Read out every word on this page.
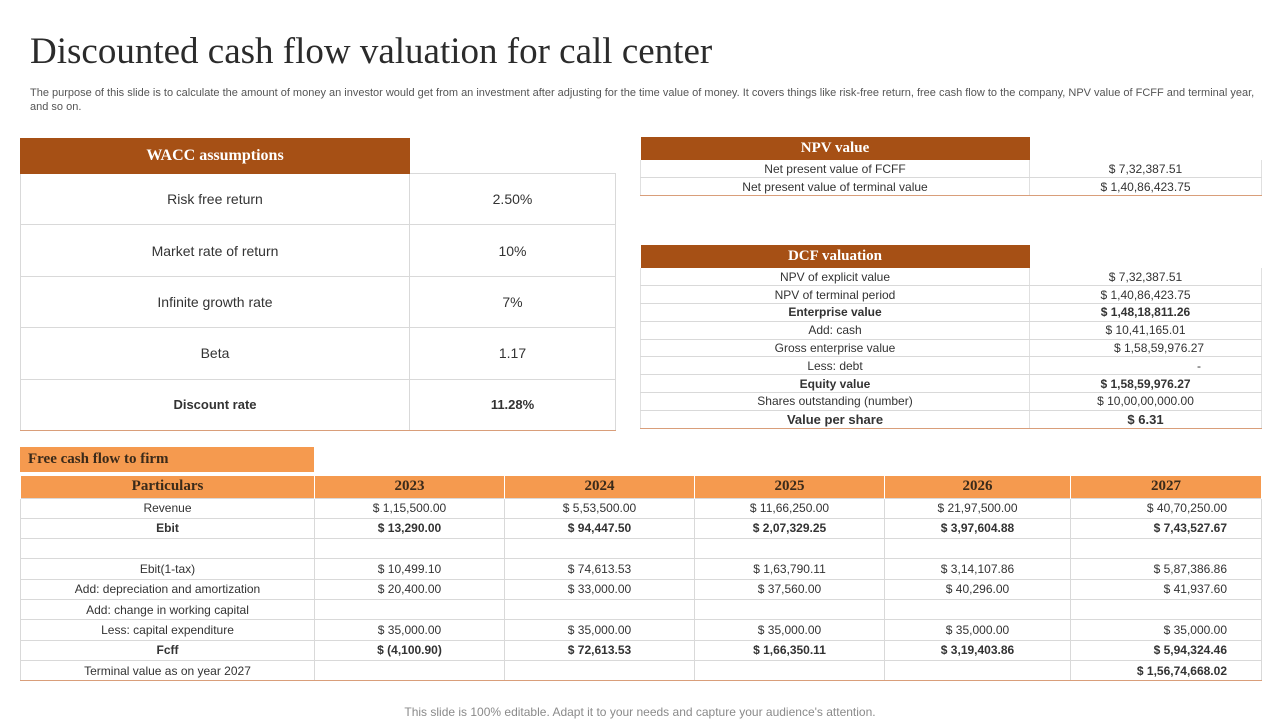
Discounted cash flow valuation for call center
The purpose of this slide is to calculate the amount of money an investor would get from an investment after adjusting for the time value of money. It covers things like risk-free return, free cash flow to the company, NPV value of FCFF and terminal year, and so on.
WACC assumptions	
Risk free return	2.50%
Market rate of return	10%
Infinite growth rate	7%
Beta	1.17
Discount rate	11.28%
NPV value	
Net present value of FCFF	$ 7,32,387.51
Net present value of terminal value	$ 1,40,86,423.75
DCF valuation	
NPV of explicit value	$ 7,32,387.51
NPV of terminal period	$ 1,40,86,423.75
Enterprise value	$ 1,48,18,811.26
Add: cash	$ 10,41,165.01
Gross enterprise value	$ 1,58,59,976.27
Less: debt	-
Equity value	$ 1,58,59,976.27
Shares outstanding (number)	$ 10,00,00,000.00
Value per share	$ 6.31
Free cash flow to firm
Particulars	2023	2024	2025	2026	2027
Revenue	$ 1,15,500.00	$ 5,53,500.00	$ 11,66,250.00	$ 21,97,500.00	$ 40,70,250.00
Ebit	$ 13,290.00	$ 94,447.50	$ 2,07,329.25	$ 3,97,604.88	$ 7,43,527.67

Ebit(1-tax)	$ 10,499.10	$ 74,613.53	$ 1,63,790.11	$ 3,14,107.86	$ 5,87,386.86
Add: depreciation and amortization	$ 20,400.00	$ 33,000.00	$ 37,560.00	$ 40,296.00	$ 41,937.60
Add: change in working capital					
Less: capital expenditure	$ 35,000.00	$ 35,000.00	$ 35,000.00	$ 35,000.00	$ 35,000.00
Fcff	$ (4,100.90)	$ 72,613.53	$ 1,66,350.11	$ 3,19,403.86	$ 5,94,324.46
Terminal value as on year 2027					$ 1,56,74,668.02
This slide is 100% editable. Adapt it to your needs and capture your audience's attention.
